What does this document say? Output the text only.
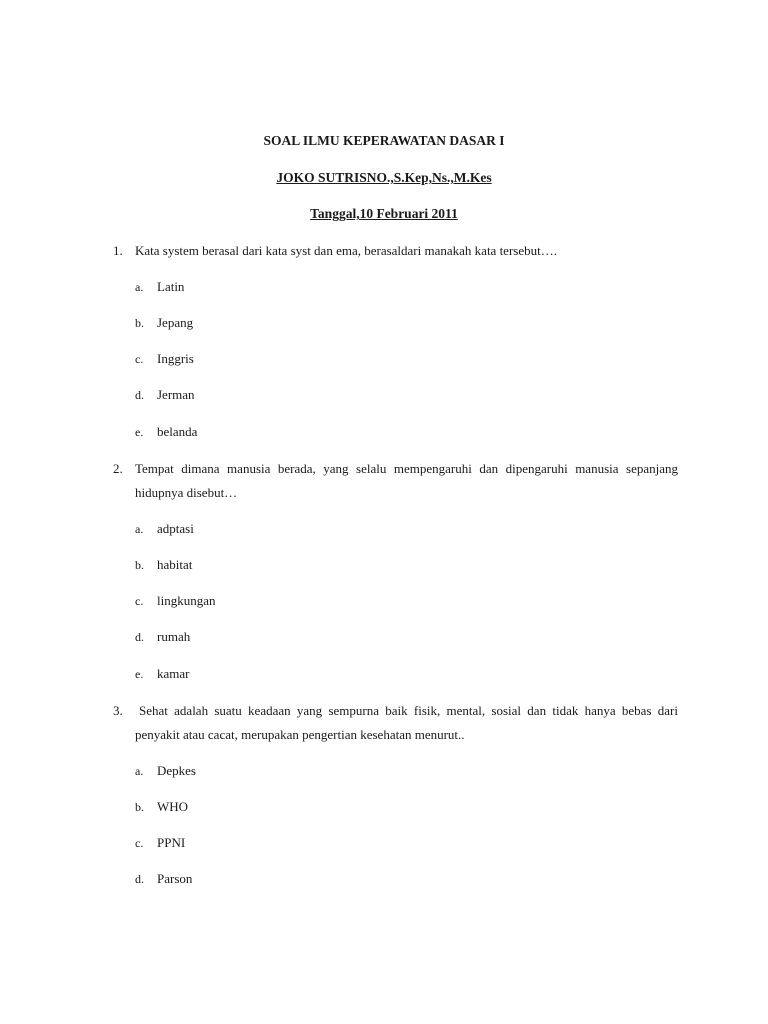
SOAL ILMU KEPERAWATAN DASAR I
JOKO SUTRISNO.,S.Kep,Ns.,M.Kes
Tanggal,10 Februari 2011
1. Kata system berasal dari kata syst dan ema, berasaldari manakah kata tersebut….
a. Latin
b. Jepang
c. Inggris
d. Jerman
e. belanda
2. Tempat dimana manusia berada, yang selalu mempengaruhi dan dipengaruhi manusia sepanjang hidupnya disebut…
a. adptasi
b. habitat
c. lingkungan
d. rumah
e. kamar
3.	Sehat adalah suatu keadaan yang sempurna baik fisik, mental, sosial dan tidak hanya bebas dari penyakit atau cacat, merupakan pengertian kesehatan menurut..
a. Depkes
b. WHO
c. PPNI
d. Parson
